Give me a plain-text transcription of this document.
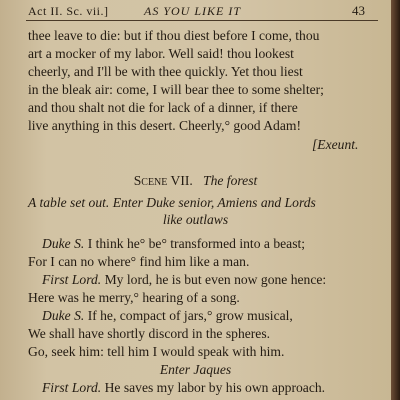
Act II. Sc. vii.]	AS YOU LIKE IT	43
thee leave to die: but if thou diest before I come, thou
art a mocker of my labor. Well said! thou lookest
cheerly, and I'll be with thee quickly. Yet thou liest
in the bleak air: come, I will bear thee to some shelter;
and thou shalt not die for lack of a dinner, if there
live anything in this desert. Cheerly,° good Adam!
[Exeunt.
Scene VII. The forest
A table set out. Enter Duke senior, Amiens and Lords
like outlaws
Duke S. I think he° be° transformed into a beast;
For I can no where° find him like a man.
First Lord. My lord, he is but even now gone hence:
Here was he merry,° hearing of a song.
Duke S. If he, compact of jars,° grow musical,
We shall have shortly discord in the spheres.
Go, seek him: tell him I would speak with him.
Enter Jaques
First Lord. He saves my labor by his own approach.
